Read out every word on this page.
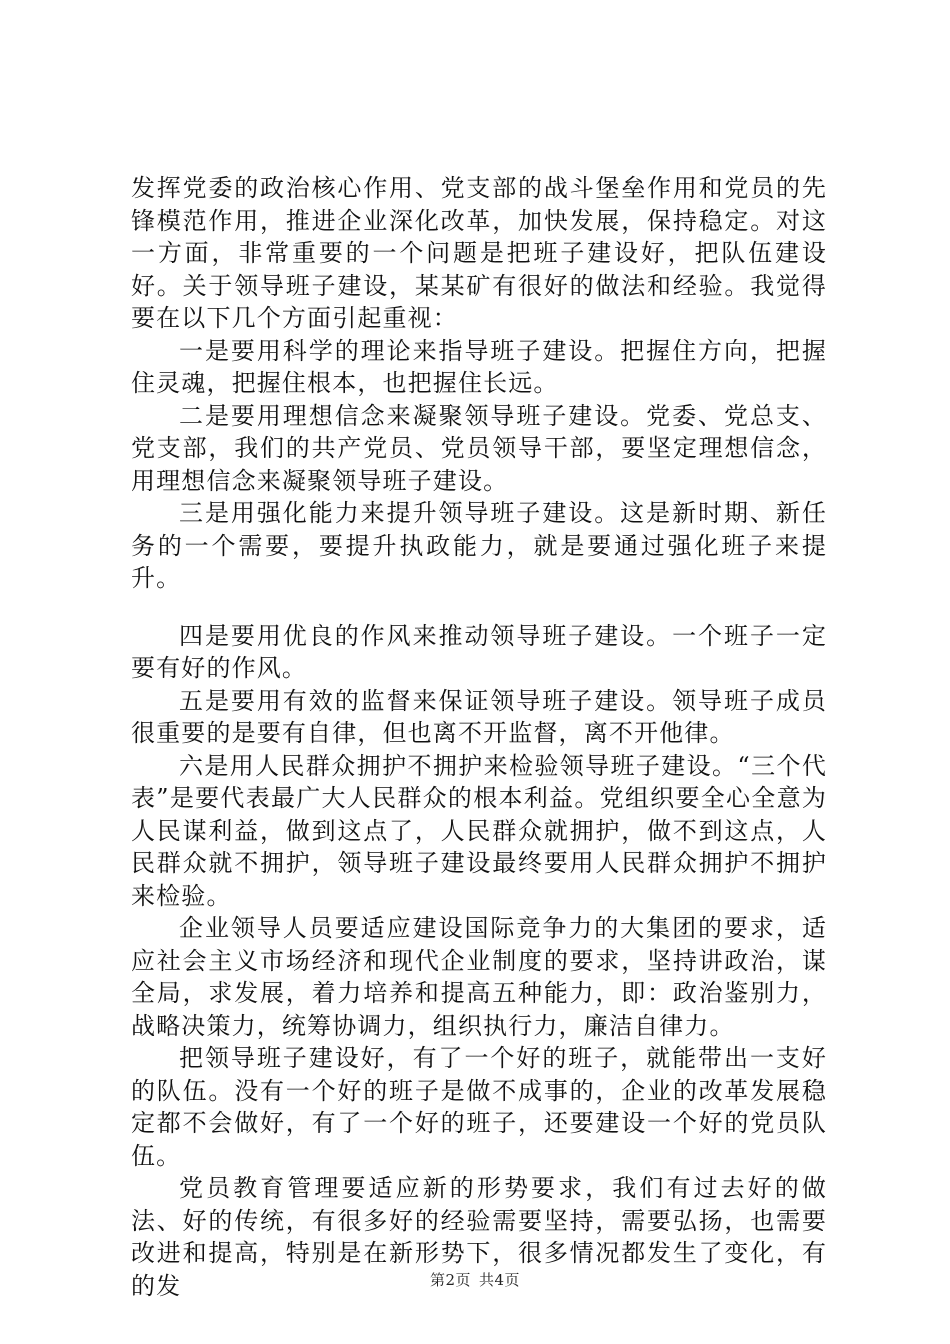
发挥党委的政治核心作用、党支部的战斗堡垒作用和党员的先锋模范作用，推进企业深化改革，加快发展，保持稳定。对这一方面，非常重要的一个问题是把班子建设好，把队伍建设好。关于领导班子建设，某某矿有很好的做法和经验。我觉得要在以下几个方面引起重视：

一是要用科学的理论来指导班子建设。把握住方向，把握住灵魂，把握住根本，也把握住长远。

二是要用理想信念来凝聚领导班子建设。党委、党总支、党支部，我们的共产党员、党员领导干部，要坚定理想信念，用理想信念来凝聚领导班子建设。

三是用强化能力来提升领导班子建设。这是新时期、新任务的一个需要，要提升执政能力，就是要通过强化班子来提升。

四是要用优良的作风来推动领导班子建设。一个班子一定要有好的作风。

五是要用有效的监督来保证领导班子建设。领导班子成员很重要的是要有自律，但也离不开监督，离不开他律。

六是用人民群众拥护不拥护来检验领导班子建设。“三个代表”是要代表最广大人民群众的根本利益。党组织要全心全意为人民谋利益，做到这点了，人民群众就拥护，做不到这点，人民群众就不拥护，领导班子建设最终要用人民群众拥护不拥护来检验。

企业领导人员要适应建设国际竞争力的大集团的要求，适应社会主义市场经济和现代企业制度的要求，坚持讲政治，谋全局，求发展，着力培养和提高五种能力，即：政治鉴别力，战略决策力，统筹协调力，组织执行力，廉洁自律力。

把领导班子建设好，有了一个好的班子，就能带出一支好的队伍。没有一个好的班子是做不成事的，企业的改革发展稳定都不会做好，有了一个好的班子，还要建设一个好的党员队伍。

党员教育管理要适应新的形势要求，我们有过去好的做法、好的传统，有很多好的经验需要坚持，需要弘扬，也需要改进和提高，特别是在新形势下，很多情况都发生了变化，有的发	第2页 共4页
